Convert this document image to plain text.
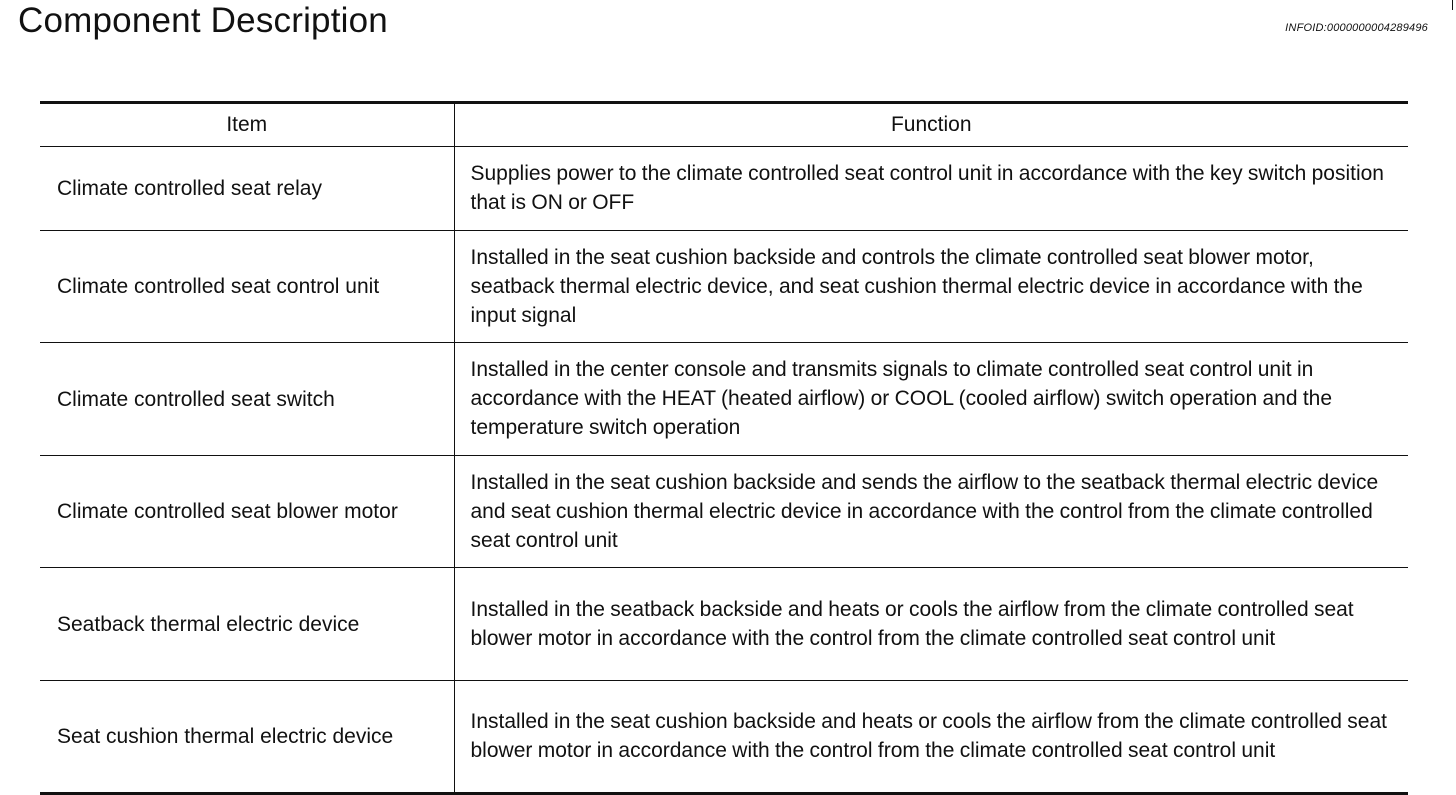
Component Description	INFOID:0000000004289496
Item	Function
Climate controlled seat relay	Supplies power to the climate controlled seat control unit in accordance with the key switch position that is ON or OFF
Climate controlled seat control unit	Installed in the seat cushion backside and controls the climate controlled seat blower motor, seatback thermal electric device, and seat cushion thermal electric device in accordance with the input signal
Climate controlled seat switch	Installed in the center console and transmits signals to climate controlled seat control unit in accordance with the HEAT (heated airflow) or COOL (cooled airflow) switch operation and the temperature switch operation
Climate controlled seat blower motor	Installed in the seat cushion backside and sends the airflow to the seatback thermal electric device and seat cushion thermal electric device in accordance with the control from the climate controlled seat control unit
Seatback thermal electric device	Installed in the seatback backside and heats or cools the airflow from the climate controlled seat blower motor in accordance with the control from the climate controlled seat control unit
Seat cushion thermal electric device	Installed in the seat cushion backside and heats or cools the airflow from the climate controlled seat blower motor in accordance with the control from the climate controlled seat control unit
